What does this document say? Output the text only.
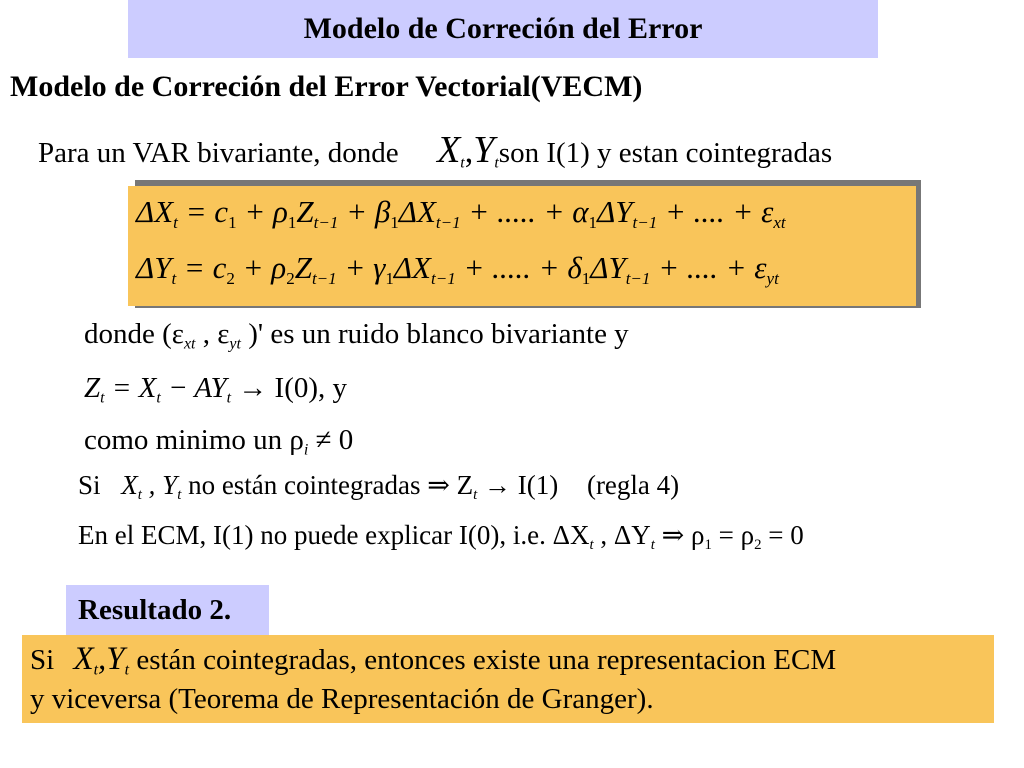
Modelo de Correción del Error
Modelo de Correción del Error Vectorial(VECM)
Para un VAR bivariante, donde $X_t,Y_tson$ I(1) y estan cointegradas
$\Delta X_t = c_1 + \rho_1Z_{t-1} + \beta_1\Delta X_{t-1}$ + ..... + $\alpha_1\Delta Y_{t-1}$ + .... + $\varepsilon_{xt}$
$\Delta Y_t = c_2 + \rho_2Z_{t-1} + \gamma_1\Delta X_{t-1}$ + ..... + $\delta_1\Delta Y_{t-1}$ + .... + $\varepsilon_{yt}$
donde ($\varepsilon_{xt}$ , $\varepsilon_{yt}$ )' es un ruido blanco bivariante y
$Z_t = X_t - AY_t \to I(0)$, y
como minimo un $\rho_i \ne 0$
Si $X_t$ , $Y_t$ no están cointegradas ⇒ $Z_t \to I(1)$ (regla 4)
En el ECM, I(1) no puede explicar I(0), i.e. $\Delta X_t$ , $\Delta Y_t$ ⇒ $\rho_1 = \rho_2 = 0$
Resultado 2.
Si $X_t,Y_t$ están cointegradas, entonces existe una representacion ECM
y viceversa (Teorema de Representación de Granger).
